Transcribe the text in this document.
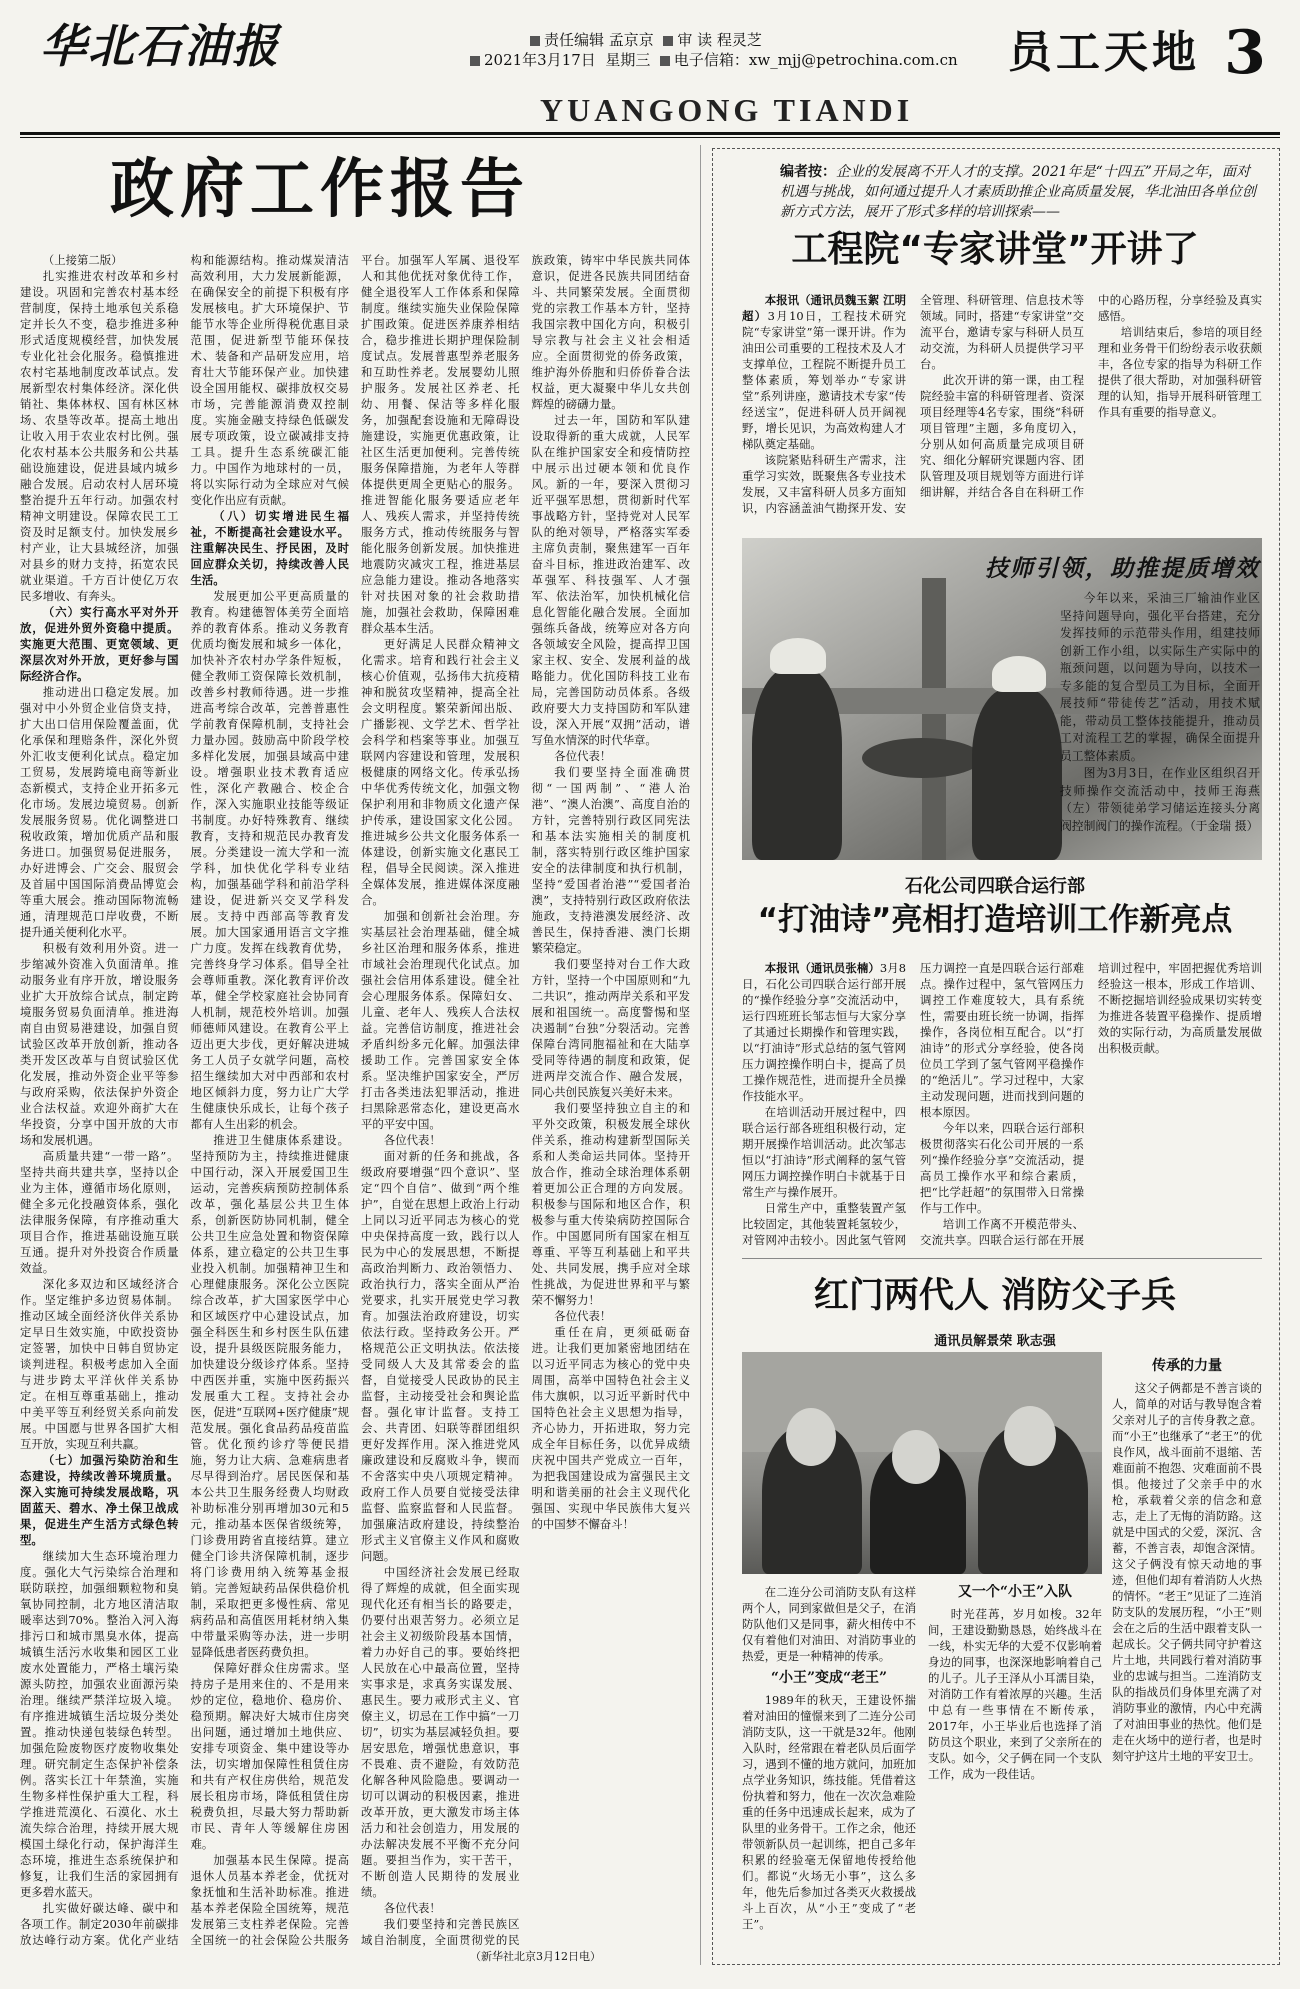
华北石油报	责任编辑 孟京京 审 读 程灵芝
2021年3月17日 星期三 电子信箱：xw_mjj@petrochina.com.cn	员工天地 3
YUANGONG TIANDI
政府工作报告

（上接第二版）

扎实推进农村改革和乡村建设。巩固和完善农村基本经营制度，保持土地承包关系稳定并长久不变，稳步推进多种形式适度规模经营，加快发展专业化社会化服务。稳慎推进农村宅基地制度改革试点。发展新型农村集体经济。深化供销社、集体林权、国有林区林场、农垦等改革。提高土地出让收入用于农业农村比例。强化农村基本公共服务和公共基础设施建设，促进县域内城乡融合发展。启动农村人居环境整治提升五年行动。加强农村精神文明建设。保障农民工工资及时足额支付。加快发展乡村产业，让大县城经济，加强对县乡的财力支持，拓宽农民就业渠道。千方百计使亿万农民多增收、有奔头。

（六）实行高水平对外开放，促进外贸外资稳中提质。实施更大范围、更宽领域、更深层次对外开放，更好参与国际经济合作。

推动进出口稳定发展。加强对中小外贸企业信贷支持，扩大出口信用保险覆盖面，优化承保和理赔条件，深化外贸外汇收支便利化试点。稳定加工贸易，发展跨境电商等新业态新模式，支持企业开拓多元化市场。发展边境贸易。创新发展服务贸易。优化调整进口税收政策，增加优质产品和服务进口。加强贸易促进服务，办好进博会、广交会、服贸会及首届中国国际消费品博览会等重大展会。推动国际物流畅通，清理规范口岸收费，不断提升通关便利化水平。

积极有效利用外资。进一步缩减外资准入负面清单。推动服务业有序开放，增设服务业扩大开放综合试点，制定跨境服务贸易负面清单。推进海南自由贸易港建设，加强自贸试验区改革开放创新，推动各类开发区改革与自贸试验区优化发展，推动外资企业平等参与政府采购，依法保护外资企业合法权益。欢迎外商扩大在华投资，分享中国开放的大市场和发展机遇。

高质量共建“一带一路”。坚持共商共建共享，坚持以企业为主体，遵循市场化原则，健全多元化投融资体系，强化法律服务保障，有序推动重大项目合作，推进基础设施互联互通。提升对外投资合作质量效益。

深化多双边和区域经济合作。坚定维护多边贸易体制。推动区域全面经济伙伴关系协定早日生效实施，中欧投资协定签署，加快中日韩自贸协定谈判进程。积极考虑加入全面与进步跨太平洋伙伴关系协定。在相互尊重基础上，推动中美平等互利经贸关系向前发展。中国愿与世界各国扩大相互开放，实现互利共赢。

（七）加强污染防治和生态建设，持续改善环境质量。深入实施可持续发展战略，巩固蓝天、碧水、净土保卫战成果，促进生产生活方式绿色转型。

继续加大生态环境治理力度。强化大气污染综合治理和联防联控，加强细颗粒物和臭氧协同控制，北方地区清洁取暖率达到70%。整治入河入海排污口和城市黑臭水体，提高城镇生活污水收集和园区工业废水处置能力，严格土壤污染源头防控，加强农业面源污染治理。继续严禁洋垃圾入境。有序推进城镇生活垃圾分类处置。推动快递包装绿色转型。加强危险废物医疗废物收集处理。研究制定生态保护补偿条例。落实长江十年禁渔，实施生物多样性保护重大工程，科学推进荒漠化、石漠化、水土流失综合治理，持续开展大规模国土绿化行动，保护海洋生态环境，推进生态系统保护和修复，让我们生活的家园拥有更多碧水蓝天。

扎实做好碳达峰、碳中和各项工作。制定2030年前碳排放达峰行动方案。优化产业结构和能源结构。推动煤炭清洁高效利用，大力发展新能源，在确保安全的前提下积极有序发展核电。扩大环境保护、节能节水等企业所得税优惠目录范围，促进新型节能环保技术、装备和产品研发应用，培育壮大节能环保产业。加快建设全国用能权、碳排放权交易市场，完善能源消费双控制度。实施金融支持绿色低碳发展专项政策，设立碳减排支持工具。提升生态系统碳汇能力。中国作为地球村的一员，将以实际行动为全球应对气候变化作出应有贡献。

（八）切实增进民生福祉，不断提高社会建设水平。注重解决民生、抒民困，及时回应群众关切，持续改善人民生活。

发展更加公平更高质量的教育。构建德智体美劳全面培养的教育体系。推动义务教育优质均衡发展和城乡一体化，加快补齐农村办学条件短板，健全教师工资保障长效机制，改善乡村教师待遇。进一步推进高考综合改革，完善普惠性学前教育保障机制，支持社会力量办园。鼓励高中阶段学校多样化发展，加强县域高中建设。增强职业技术教育适应性，深化产教融合、校企合作，深入实施职业技能等级证书制度。办好特殊教育、继续教育，支持和规范民办教育发展。分类建设一流大学和一流学科，加快优化学科专业结构，加强基础学科和前沿学科建设，促进新兴交叉学科发展。支持中西部高等教育发展。加大国家通用语言文字推广力度。发挥在线教育优势，完善终身学习体系。倡导全社会尊师重教。深化教育评价改革，健全学校家庭社会协同育人机制，规范校外培训。加强师德师风建设。在教育公平上迈出更大步伐，更好解决进城务工人员子女就学问题，高校招生继续加大对中西部和农村地区倾斜力度，努力让广大学生健康快乐成长，让每个孩子都有人生出彩的机会。

推进卫生健康体系建设。坚持预防为主，持续推进健康中国行动，深入开展爱国卫生运动，完善疾病预防控制体系改革，强化基层公共卫生体系，创新医防协同机制，健全公共卫生应急处置和物资保障体系，建立稳定的公共卫生事业投入机制。加强精神卫生和心理健康服务。深化公立医院综合改革，扩大国家医学中心和区域医疗中心建设试点，加强全科医生和乡村医生队伍建设，提升县级医院服务能力，加快建设分级诊疗体系。坚持中西医并重，实施中医药振兴发展重大工程。支持社会办医，促进“互联网+医疗健康”规范发展。强化食品药品疫苗监管。优化预约诊疗等便民措施，努力让大病、急难病患者尽早得到治疗。居民医保和基本公共卫生服务经费人均财政补助标准分别再增加30元和5元，推动基本医保省级统筹，门诊费用跨省直接结算。建立健全门诊共济保障机制，逐步将门诊费用纳入统筹基金报销。完善短缺药品保供稳价机制，采取把更多慢性病、常见病药品和高值医用耗材纳入集中带量采购等办法，进一步明显降低患者医药费负担。

保障好群众住房需求。坚持房子是用来住的、不是用来炒的定位，稳地价、稳房价、稳预期。解决好大城市住房突出问题，通过增加土地供应、安排专项资金、集中建设等办法，切实增加保障性租赁住房和共有产权住房供给，规范发展长租房市场，降低租赁住房税费负担，尽最大努力帮助新市民、青年人等缓解住房困难。

加强基本民生保障。提高退休人员基本养老金，优抚对象抚恤和生活补助标准。推进基本养老保险全国统筹，规范发展第三支柱养老保险。完善全国统一的社会保险公共服务平台。加强军人军属、退役军人和其他优抚对象优待工作，健全退役军人工作体系和保障制度。继续实施失业保险保障扩围政策。促进医养康养相结合，稳步推进长期护理保险制度试点。发展普惠型养老服务和互助性养老。发展婴幼儿照护服务。发展社区养老、托幼、用餐、保洁等多样化服务，加强配套设施和无障碍设施建设，实施更优惠政策，让社区生活更加便利。完善传统服务保障措施，为老年人等群体提供更周全更贴心的服务。推进智能化服务要适应老年人、残疾人需求，并坚持传统服务方式，推动传统服务与智能化服务创新发展。加快推进地震防灾减灾工程，推进基层应急能力建设。推动各地落实针对扶困对象的社会救助措施，加强社会救助，保障困难群众基本生活。

更好满足人民群众精神文化需求。培育和践行社会主义核心价值观，弘扬伟大抗疫精神和脱贫攻坚精神，提高全社会文明程度。繁荣新闻出版、广播影视、文学艺术、哲学社会科学和档案等事业。加强互联网内容建设和管理，发展积极健康的网络文化。传承弘扬中华优秀传统文化，加强文物保护利用和非物质文化遗产保护传承，建设国家文化公园。推进城乡公共文化服务体系一体建设，创新实施文化惠民工程，倡导全民阅读。深入推进全媒体发展，推进媒体深度融合。

加强和创新社会治理。夯实基层社会治理基础，健全城乡社区治理和服务体系，推进市域社会治理现代化试点。加强社会信用体系建设。健全社会心理服务体系。保障妇女、儿童、老年人、残疾人合法权益。完善信访制度，推进社会矛盾纠纷多元化解。加强法律援助工作。完善国家安全体系。坚决维护国家安全，严厉打击各类违法犯罪活动，推进扫黑除恶常态化，建设更高水平的平安中国。

各位代表！

面对新的任务和挑战，各级政府要增强“四个意识”、坚定“四个自信”、做到“两个维护”，自觉在思想上政治上行动上同以习近平同志为核心的党中央保持高度一致，践行以人民为中心的发展思想，不断提高政治判断力、政治领悟力、政治执行力，落实全面从严治党要求，扎实开展党史学习教育。加强法治政府建设，切实依法行政。坚持政务公开。严格规范公正文明执法。依法接受同级人大及其常委会的监督，自觉接受人民政协的民主监督，主动接受社会和舆论监督。强化审计监督。支持工会、共青团、妇联等群团组织更好发挥作用。深入推进党风廉政建设和反腐败斗争，锲而不舍落实中央八项规定精神。政府工作人员要自觉接受法律监督、监察监督和人民监督。加强廉洁政府建设，持续整治形式主义官僚主义作风和腐败问题。

中国经济社会发展已经取得了辉煌的成就，但全面实现现代化还有相当长的路要走，仍要付出艰苦努力。必须立足社会主义初级阶段基本国情，着力办好自己的事。要始终把人民放在心中最高位置，坚持实事求是，求真务实谋发展、惠民生。要力戒形式主义、官僚主义，切忌在工作中搞“一刀切”，切实为基层减轻负担。要居安思危，增强忧患意识，事不畏难、责不避险，有效防范化解各种风险隐患。要调动一切可以调动的积极因素，推进改革开放，更大激发市场主体活力和社会创造力，用发展的办法解决发展不平衡不充分问题。要担当作为，实干苦干，不断创造人民期待的发展业绩。

各位代表！

我们要坚持和完善民族区域自治制度，全面贯彻党的民族政策，铸牢中华民族共同体意识，促进各民族共同团结奋斗、共同繁荣发展。全面贯彻党的宗教工作基本方针，坚持我国宗教中国化方向，积极引导宗教与社会主义社会相适应。全面贯彻党的侨务政策，维护海外侨胞和归侨侨眷合法权益，更大凝聚中华儿女共创辉煌的磅礴力量。

过去一年，国防和军队建设取得新的重大成就，人民军队在维护国家安全和疫情防控中展示出过硬本领和优良作风。新的一年，要深入贯彻习近平强军思想，贯彻新时代军事战略方针，坚持党对人民军队的绝对领导，严格落实军委主席负责制，聚焦建军一百年奋斗目标，推进政治建军、改革强军、科技强军、人才强军、依法治军，加快机械化信息化智能化融合发展。全面加强练兵备战，统筹应对各方向各领域安全风险，提高捍卫国家主权、安全、发展利益的战略能力。优化国防科技工业布局，完善国防动员体系。各级政府要大力支持国防和军队建设，深入开展“双拥”活动，谱写鱼水情深的时代华章。

各位代表！

我们要坚持全面准确贯彻“一国两制”、“港人治港”、“澳人治澳”、高度自治的方针，完善特别行政区同宪法和基本法实施相关的制度机制，落实特别行政区维护国家安全的法律制度和执行机制，坚持“爱国者治港”“爱国者治澳”，支持特别行政区政府依法施政，支持港澳发展经济、改善民生，保持香港、澳门长期繁荣稳定。

我们要坚持对台工作大政方针，坚持一个中国原则和“九二共识”，推动两岸关系和平发展和祖国统一。高度警惕和坚决遏制“台独”分裂活动。完善保障台湾同胞福祉和在大陆享受同等待遇的制度和政策，促进两岸交流合作、融合发展，同心共创民族复兴美好未来。

我们要坚持独立自主的和平外交政策，积极发展全球伙伴关系，推动构建新型国际关系和人类命运共同体。坚持开放合作，推动全球治理体系朝着更加公正合理的方向发展。积极参与国际和地区合作，积极参与重大传染病防控国际合作。中国愿同所有国家在相互尊重、平等互利基础上和平共处、共同发展，携手应对全球性挑战，为促进世界和平与繁荣不懈努力！

各位代表！

重任在肩，更须砥砺奋进。让我们更加紧密地团结在以习近平同志为核心的党中央周围，高举中国特色社会主义伟大旗帜，以习近平新时代中国特色社会主义思想为指导，齐心协力，开拓进取，努力完成全年目标任务，以优异成绩庆祝中国共产党成立一百年，为把我国建设成为富强民主文明和谐美丽的社会主义现代化强国、实现中华民族伟大复兴的中国梦不懈奋斗！

（新华社北京3月12日电）
编者按：企业的发展离不开人才的支撑。2021年是“十四五”开局之年，面对机遇与挑战，如何通过提升人才素质助推企业高质量发展，华北油田各单位创新方式方法，展开了形式多样的培训探索——
工程院“专家讲堂”开讲了

本报讯（通讯员魏玉絮 江明超）3月10日，工程技术研究院“专家讲堂”第一课开讲。作为油田公司重要的工程技术及人才支撑单位，工程院不断提升员工整体素质，筹划举办“专家讲堂”系列讲座，邀请技术专家“传经送宝”，促进科研人员开阔视野，增长见识，为高效构建人才梯队奠定基础。

该院紧贴科研生产需求，注重学习实效，既聚焦各专业技术发展，又丰富科研人员多方面知识，内容涵盖油气勘探开发、安全管理、科研管理、信息技术等领域。同时，搭建“专家讲堂”交流平台，邀请专家与科研人员互动交流，为科研人员提供学习平台。

此次开讲的第一课，由工程院经验丰富的科研管理者、资深项目经理等4名专家，围绕“科研项目管理”主题，多角度切入，分别从如何高质量完成项目研究、细化分解研究课题内容、团队管理及项目规划等方面进行详细讲解，并结合各自在科研工作中的心路历程，分享经验及真实感悟。

培训结束后，参培的项目经理和业务骨干们纷纷表示收获颇丰，各位专家的指导为科研工作提供了很大帮助，对加强科研管理的认知，指导开展科研管理工作具有重要的指导意义。

技师引领，助推提质增效

今年以来，采油三厂输油作业区坚持问题导向，强化平台搭建，充分发挥技师的示范带头作用，组建技师创新工作小组，以实际生产实际中的瓶颈问题，以问题为导向，以技术一专多能的复合型员工为目标，全面开展技师“带徒传艺”活动，用技术赋能，带动员工整体技能提升，推动员工对流程工艺的掌握，确保全面提升员工整体素质。

图为3月3日，在作业区组织召开技师操作交流活动中，技师王海燕（左）带领徒弟学习储运连接头分离阀控制阀门的操作流程。（于金瑞 摄）

石化公司四联合运行部
“打油诗”亮相打造培训工作新亮点

本报讯（通讯员张楠）3月8日，石化公司四联合运行部开展的“操作经验分享”交流活动中，运行四班班长邹志恒与大家分享了其通过长期操作和管理实践，以“打油诗”形式总结的氢气管网压力调控操作明白卡，提高了员工操作规范性，进而提升全员操作技能水平。

在培训活动开展过程中，四联合运行部各班组积极行动，定期开展操作培训活动。此次邹志恒以“打油诗”形式阐释的氢气管网压力调控操作明白卡就基于日常生产与操作展开。

日常生产中，重整装置产氢比较固定，其他装置耗氢较少，对管网冲击较小。因此氢气管网压力调控一直是四联合运行部难点。操作过程中，氢气管网压力调控工作难度较大，具有系统性，需要由班长统一协调，指挥操作，各岗位相互配合。以“打油诗”的形式分享经验，使各岗位员工学到了氢气管网平稳操作的“绝活儿”。学习过程中，大家主动发现问题，进而找到问题的根本原因。

今年以来，四联合运行部积极贯彻落实石化公司开展的一系列“操作经验分享”交流活动，提高员工操作水平和综合素质，把“比学赶超”的氛围带入日常操作与工作中。

培训工作离不开模范带头、交流共享。四联合运行部在开展培训过程中，牢固把握优秀培训经验这一根本，形成工作培训、不断挖掘培训经验成果切实转变为推进各装置平稳操作、提质增效的实际行动，为高质量发展做出积极贡献。

红门两代人 消防父子兵
通讯员解景荣 耿志强

在二连分公司消防支队有这样两个人，同到家做但是父子，在消防队他们又是同事，薪火相传中不仅有着他们对油田、对消防事业的热爱，更是一种精神的传承。

“小王”变成“老王”

1989年的秋天，王建设怀揣着对油田的憧憬来到了二连分公司消防支队，这一干就是32年。他刚入队时，经常跟在着老队员后面学习，遇到不懂的地方就问，加班加点学业务知识，练技能。凭借着这份执着和努力，他在一次次急难险重的任务中迅速成长起来，成为了队里的业务骨干。工作之余，他还带领新队员一起训练，把自己多年积累的经验毫无保留地传授给他们。都说“火场无小事”，这么多年，他先后参加过各类灭火救援战斗上百次，从“小王”变成了“老王”。

又一个“小王”入队

时光荏苒，岁月如梭。32年间，王建设勤勤恳恳，始终战斗在一线，朴实无华的大爱不仅影响着身边的同事，也深深地影响着自己的儿子。儿子王泽从小耳濡目染，对消防工作有着浓厚的兴趣。生活中总有一些事情在不断传承，2017年，小王毕业后也选择了消防员这个职业，来到了父亲所在的支队。如今，父子俩在同一个支队工作，成为一段佳话。

传承的力量

这父子俩都是不善言谈的人，简单的对话与教导饱含着父亲对儿子的言传身教之意。而“小王”也继承了“老王”的优良作风，战斗面前不退缩、苦难面前不抱怨、灾难面前不畏惧。他接过了父亲手中的水枪，承载着父亲的信念和意志，走上了无悔的消防路。这就是中国式的父爱，深沉、含蓄，不善言表，却饱含深情。这父子俩没有惊天动地的事迹，但他们却有着消防人火热的情怀。“老王”见证了二连消防支队的发展历程，“小王”则会在之后的生活中跟着支队一起成长。父子俩共同守护着这片土地，共同践行着对消防事业的忠诚与担当。二连消防支队的指战员们身体里充满了对消防事业的激情，内心中充满了对油田事业的热忱。他们是走在火场中的逆行者，也是时刻守护这片土地的平安卫士。
